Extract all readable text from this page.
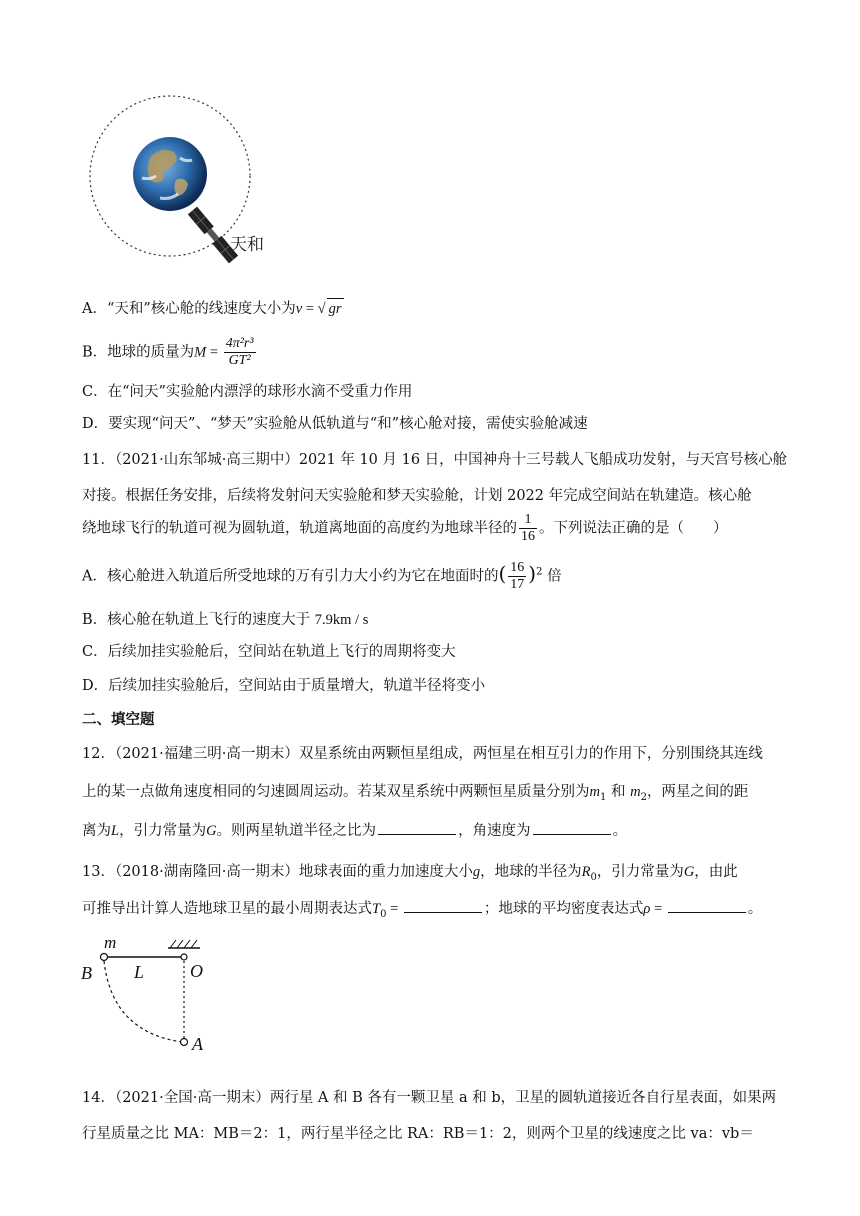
天和
A．“天和”核心舱的线速度大小为v = √ gr
B．地球的质量为$M = \frac{\text{4π²r³}}{\text{GT²}}$
C．在“问天”实验舱内漂浮的球形水滴不受重力作用
D．要实现“问天”、“梦天”实验舱从低轨道与“和”核心舱对接，需使实验舱减速
11．（2021·山东邹城·高三期中）2021 年 10 月 16 日，中国神舟十三号载人飞船成功发射，与天宫号核心舱
对接。根据任务安排，后续将发射问天实验舱和梦天实验舱，计划 2022 年完成空间站在轨建造。核心舱
绕地球飞行的轨道可视为圆轨道，轨道离地面的高度约为地球半径的 $\frac{1}{16}$ 。下列说法正确的是（　　）
A．核心舱进入轨道后所受地球的万有引力大小约为它在地面时的( $\frac{16}{17} )^2$ 倍
B．核心舱在轨道上飞行的速度大于 7.9km / s
C．后续加挂实验舱后，空间站在轨道上飞行的周期将变大
D．后续加挂实验舱后，空间站由于质量增大，轨道半径将变小
二、填空题
12．（2021·福建三明·高一期末）双星系统由两颗恒星组成，两恒星在相互引力的作用下，分别围绕其连线
上的某一点做角速度相同的匀速圆周运动。若某双星系统中两颗恒星质量分别为$m_1$ 和 $m_2$，两星之间的距
离为L，引力常量为G。则两星轨道半径之比为	，角速度为	。
13．（2018·湖南隆回·高一期末）地球表面的重力加速度大小g，地球的半径为$R_0$，引力常量为G，由此
可推导出计算人造地球卫星的最小周期表达式$T_0$ =	；地球的平均密度表达式ρ =	。
m
B L	O
A
14．（2021·全国·高一期末）两行星 A 和 B 各有一颗卫星 a 和 b，卫星的圆轨道接近各自行星表面，如果两
行星质量之比 MA：MB＝2：1，两行星半径之比 RA：RB＝1：2，则两个卫星的线速度之比 va：vb＝
